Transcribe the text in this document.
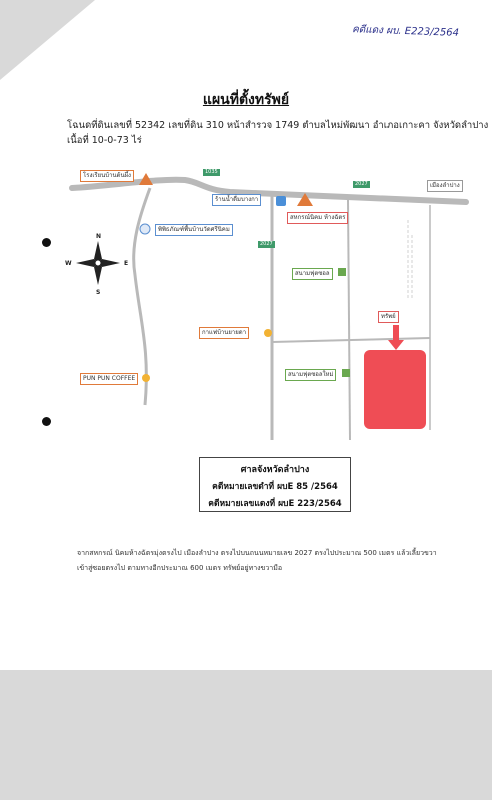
คดีแดง ผบ. E223/2564
แผนที่ตั้งทรัพย์
โฉนดที่ดินเลขที่ 52342 เลขที่ดิน 310 หน้าสำรวจ 1749 ตำบลไหม่พัฒนา อำเภอเกาะคา จังหวัดลำปาง
เนื้อที่ 10-0-73 ไร่
N
S
E
W
1035
2027
2027
โรงเรียนบ้านต้นผึ้ง
พิพิธภัณฑ์พื้นบ้านวัดศรีนิคม
ร้านน้ำดื่มบางกา
สหกรณ์นิคม ห้างฉัตร
เมืองลำปาง
สนามฟุตซอล
กาแฟบ้านยายดา
ทรัพย์
สนามฟุตซอลใหม่
PUN PUN COFFEE
ศาลจังหวัดลำปาง
คดีหมายเลขดำที่ ผบE 85 /2564
คดีหมายเลขแดงที่ ผบE 223/2564
จากสหกรณ์ นิคมห้างฉัตรมุ่งตรงไป เมืองลำปาง ตรงไปบนถนนหมายเลข 2027 ตรงไปประมาณ 500 เมตร แล้วเลี้ยวขวาเข้าสู่ซอยตรงไป ตามทางอีกประมาณ 600 เมตร ทรัพย์อยู่ทางขวามือ
